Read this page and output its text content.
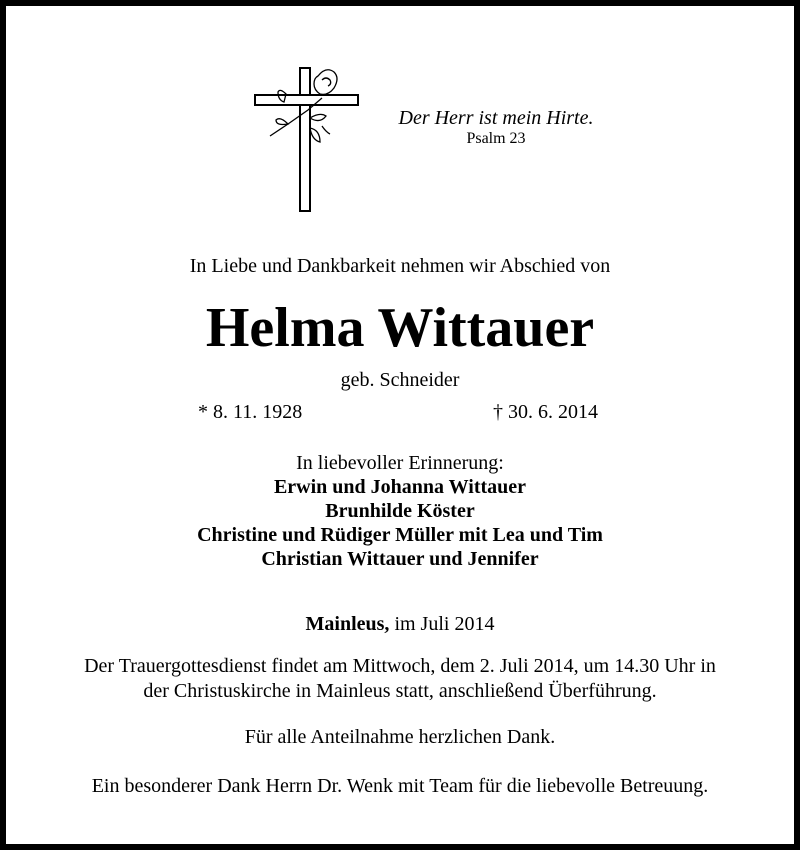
Der Herr ist mein Hirte.
Psalm 23
In Liebe und Dankbarkeit nehmen wir Abschied von
Helma Wittauer
geb. Schneider
* 8. 11. 1928	† 30. 6. 2014
In liebevoller Erinnerung:
Erwin und Johanna Wittauer
Brunhilde Köster
Christine und Rüdiger Müller mit Lea und Tim
Christian Wittauer und Jennifer
Mainleus, im Juli 2014
Der Trauergottesdienst findet am Mittwoch, dem 2. Juli 2014, um 14.30 Uhr in
der Christuskirche in Mainleus statt, anschließend Überführung.
Für alle Anteilnahme herzlichen Dank.
Ein besonderer Dank Herrn Dr. Wenk mit Team für die liebevolle Betreuung.
